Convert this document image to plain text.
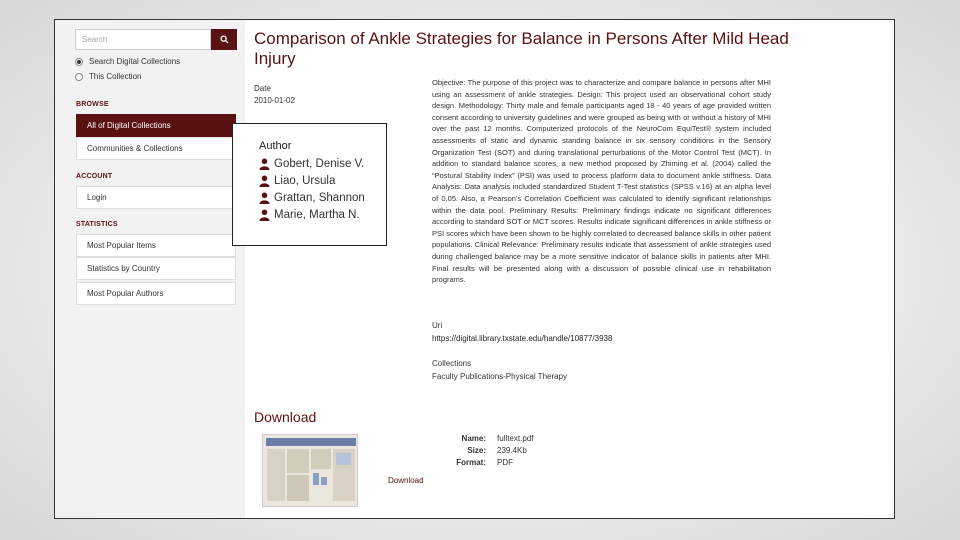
Search
Search Digital Collections
This Collection
BROWSE
All of Digital Collections
Communities & Collections
ACCOUNT
Login
STATISTICS
Most Popular Items
Statistics by Country
Most Popular Authors
Comparison of Ankle Strategies for Balance in Persons After Mild Head Injury
Date
2010-01-02

Objective: The purpose of this project was to characterize and compare balance in persons after MHI using an assessment of ankle strategies. Design: This project used an observational cohort study design. Methodology: Thirty male and female participants aged 18 - 40 years of age provided written consent according to university guidelines and were grouped as being with or without a history of MHI over the past 12 months. Computerized protocols of the NeuroCom EquiTest® system included assessments of static and dynamic standing balance in six sensory conditions in the Sensory Organization Test (SOT) and during translational perturbations of the Motor Control Test (MCT). In addition to standard balance scores, a new method proposed by Zhiming et al. (2004) called the “Postural Stability Index” (PSI) was used to process platform data to document ankle stiffness. Data Analysis: Data analysis included standardized Student T-Test statistics (SPSS v.16) at an alpha level of 0.05. Also, a Pearson’s Correlation Coefficient was calculated to identify significant relationships within the data pool. Preliminary Results: Preliminary findings indicate no significant differences according to standard SOT or MCT scores. Results indicate significant differences in ankle stiffness or PSI scores which have been shown to be highly correlated to decreased balance skills in other patient populations. Clinical Relevance: Preliminary results indicate that assessment of ankle strategies used during challenged balance may be a more sensitive indicator of balance skills in patients after MHI. Final results will be presented along with a discussion of possible clinical use in rehabilitation programs.

Uri
https://digital.library.txstate.edu/handle/10877/3938
Collections
Faculty Publications-Physical Therapy
Author
Gobert, Denise V.
Liao, Ursula
Grattan, Shannon
Marie, Martha N.
Download
Name: fulltext.pdf
Size: 239.4Kb
Format: PDF
Download
